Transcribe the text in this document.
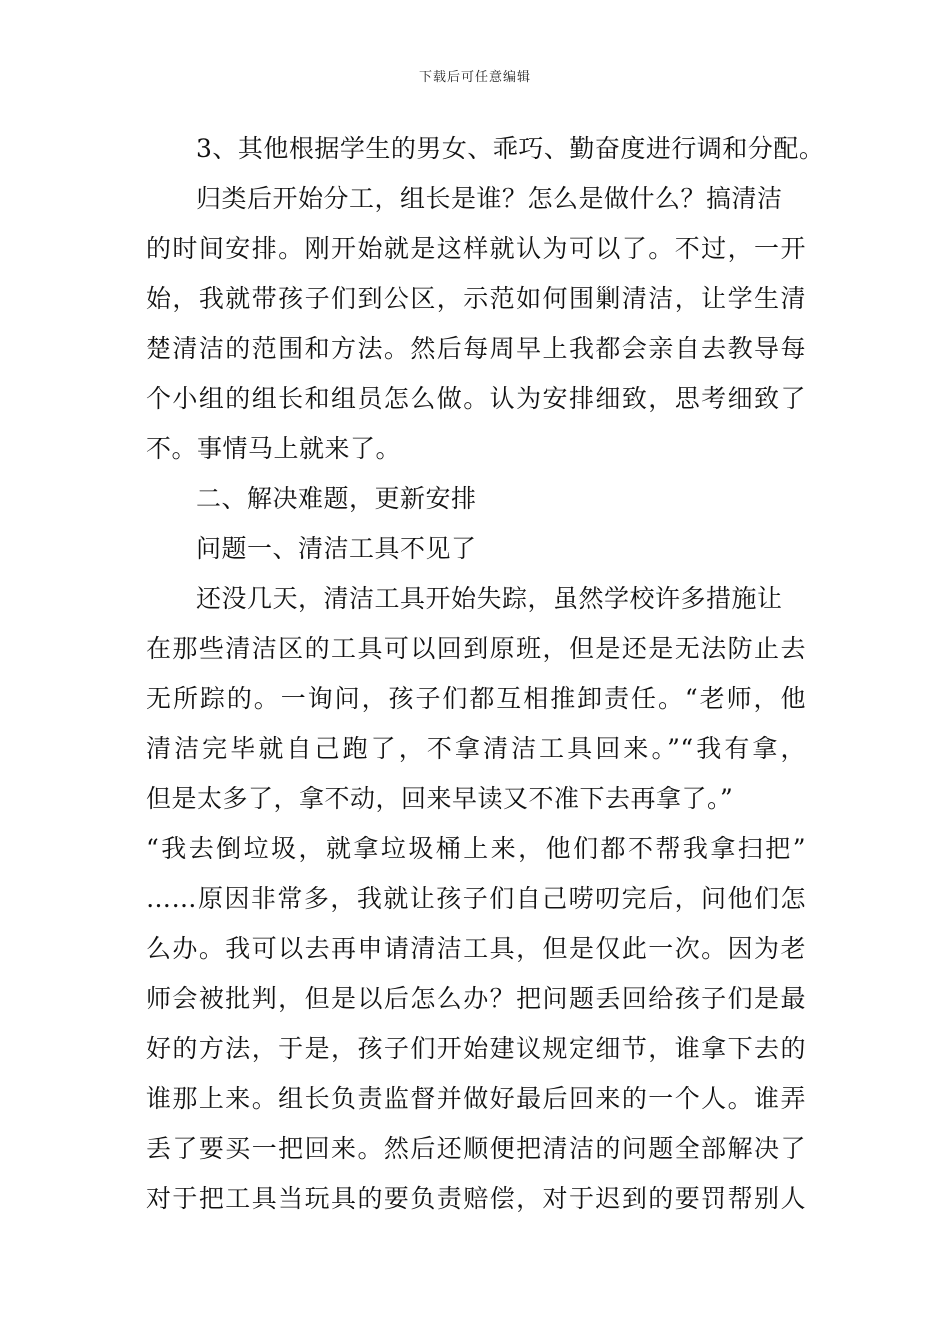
下载后可任意编辑
3、其他根据学生的男女、乖巧、勤奋度进行调和分配。
归类后开始分工，组长是谁？怎么是做什么？搞清洁
的时间安排。刚开始就是这样就认为可以了。不过，一开
始，我就带孩子们到公区，示范如何围剿清洁，让学生清
楚清洁的范围和方法。然后每周早上我都会亲自去教导每
个小组的组长和组员怎么做。认为安排细致，思考细致了
不。事情马上就来了。
二、解决难题，更新安排
问题一、清洁工具不见了
还没几天，清洁工具开始失踪，虽然学校许多措施让
在那些清洁区的工具可以回到原班，但是还是无法防止去
无所踪的。一询问，孩子们都互相推卸责任。“老师，他
清洁完毕就自己跑了，不拿清洁工具回来。”“我有拿，
但是太多了，拿不动，回来早读又不准下去再拿了。”
“我去倒垃圾，就拿垃圾桶上来，他们都不帮我拿扫把”
……原因非常多，我就让孩子们自己唠叨完后，问他们怎
么办。我可以去再申请清洁工具，但是仅此一次。因为老
师会被批判，但是以后怎么办？把问题丢回给孩子们是最
好的方法，于是，孩子们开始建议规定细节，谁拿下去的
谁那上来。组长负责监督并做好最后回来的一个人。谁弄
丢了要买一把回来。然后还顺便把清洁的问题全部解决了
对于把工具当玩具的要负责赔偿，对于迟到的要罚帮别人
